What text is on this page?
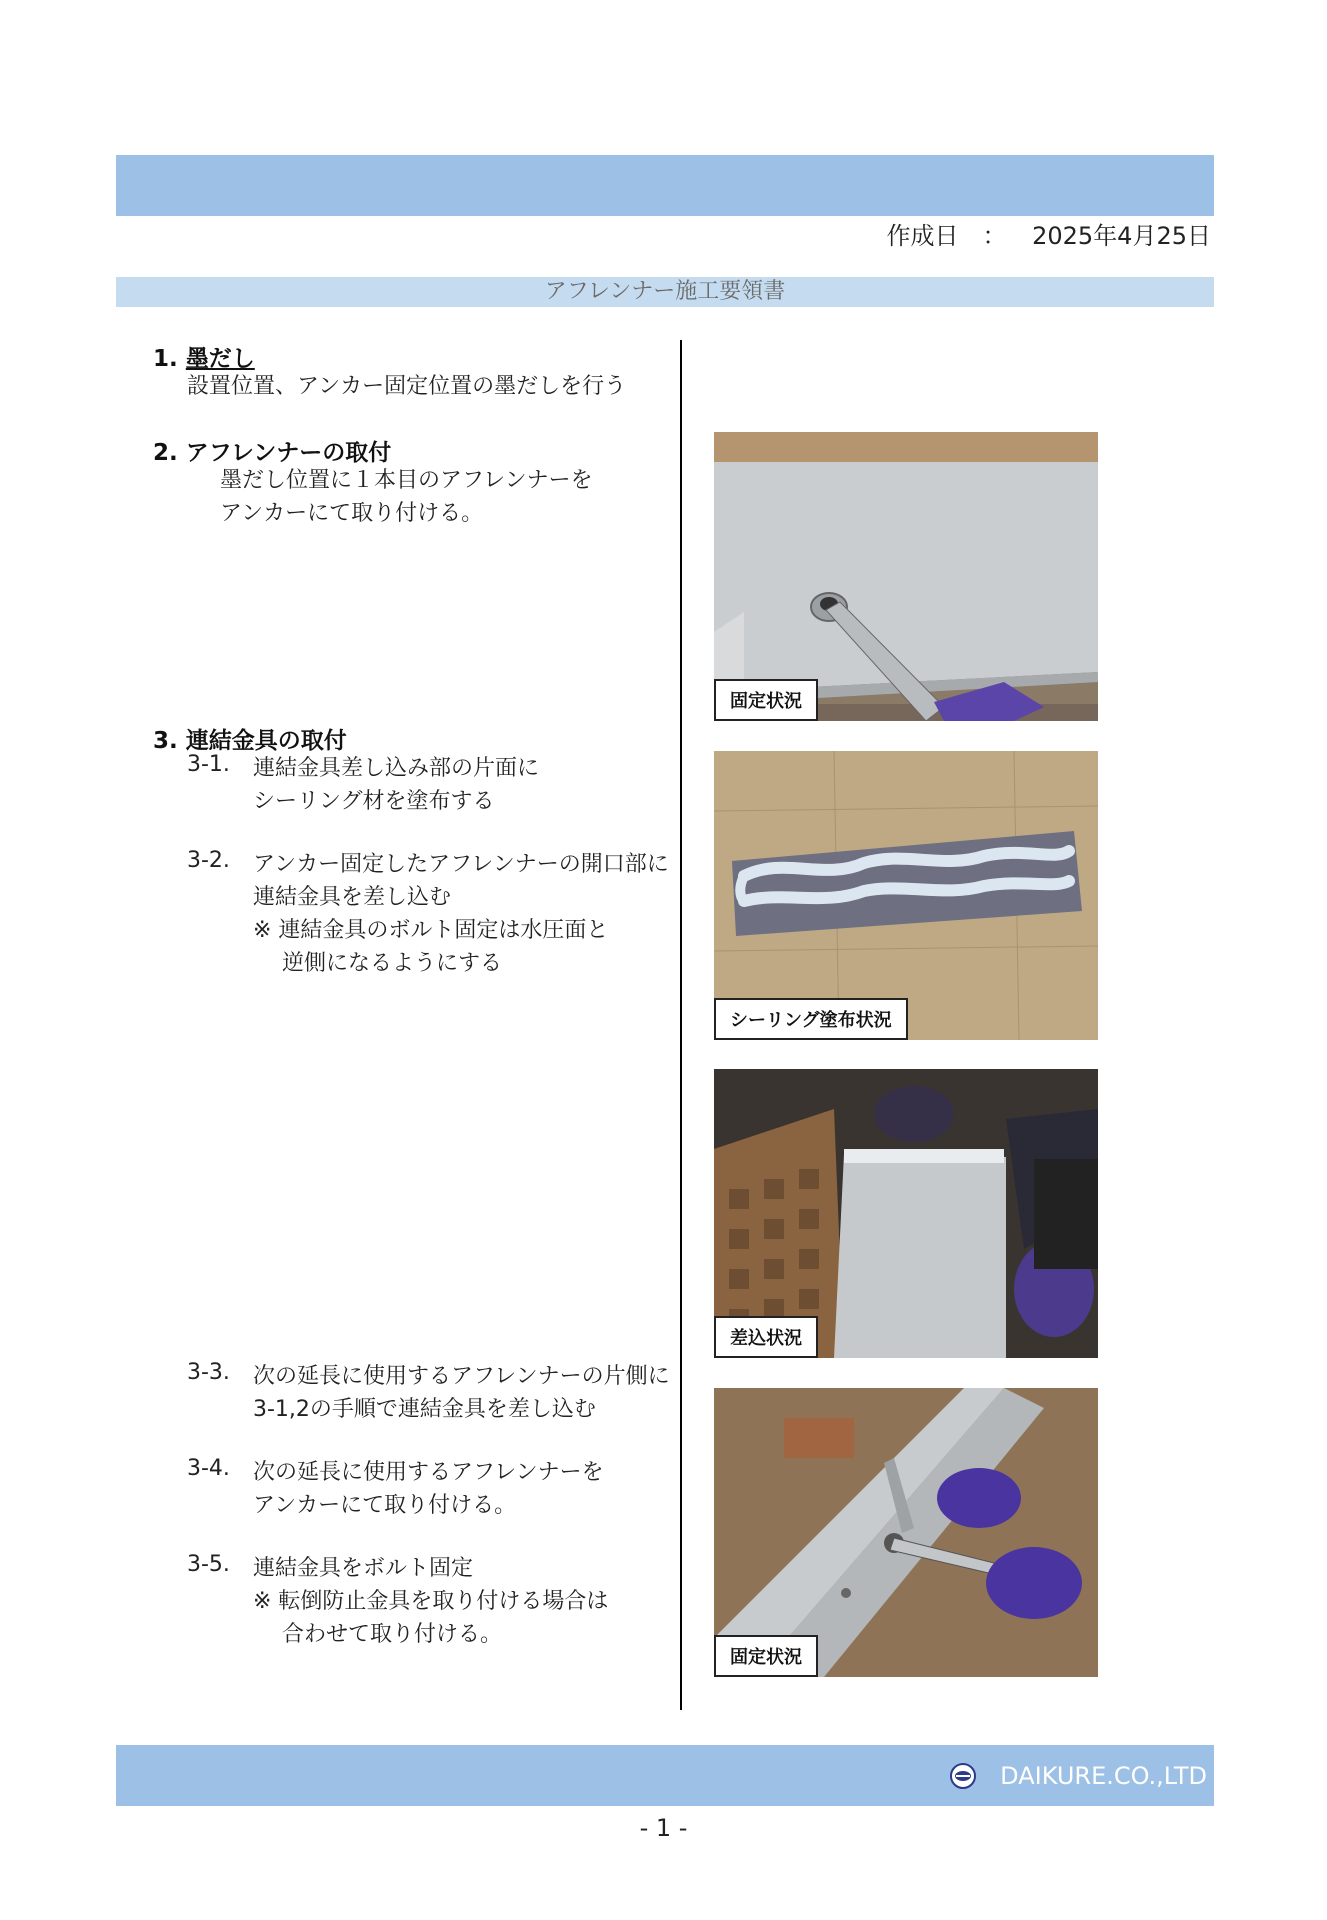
作成日　： 2025年4月25日
アフレンナー施工要領書
1. 墨だし
設置位置、アンカー固定位置の墨だしを行う
2. アフレンナーの取付
墨だし位置に１本目のアフレンナーを
アンカーにて取り付ける。
3. 連結金具の取付
3-1. 連結金具差し込み部の片面に
シーリング材を塗布する
3-2. アンカー固定したアフレンナーの開口部に
連結金具を差し込む
※ 連結金具のボルト固定は水圧面と
　 逆側になるようにする
3-3. 次の延長に使用するアフレンナーの片側に
3-1,2の手順で連結金具を差し込む
3-4. 次の延長に使用するアフレンナーを
アンカーにて取り付ける。
3-5. 連結金具をボルト固定
※ 転倒防止金具を取り付ける場合は
　 合わせて取り付ける。
固定状況
シーリング塗布状況
差込状況
固定状況
DAIKURE.CO.,LTD
- 1 -
